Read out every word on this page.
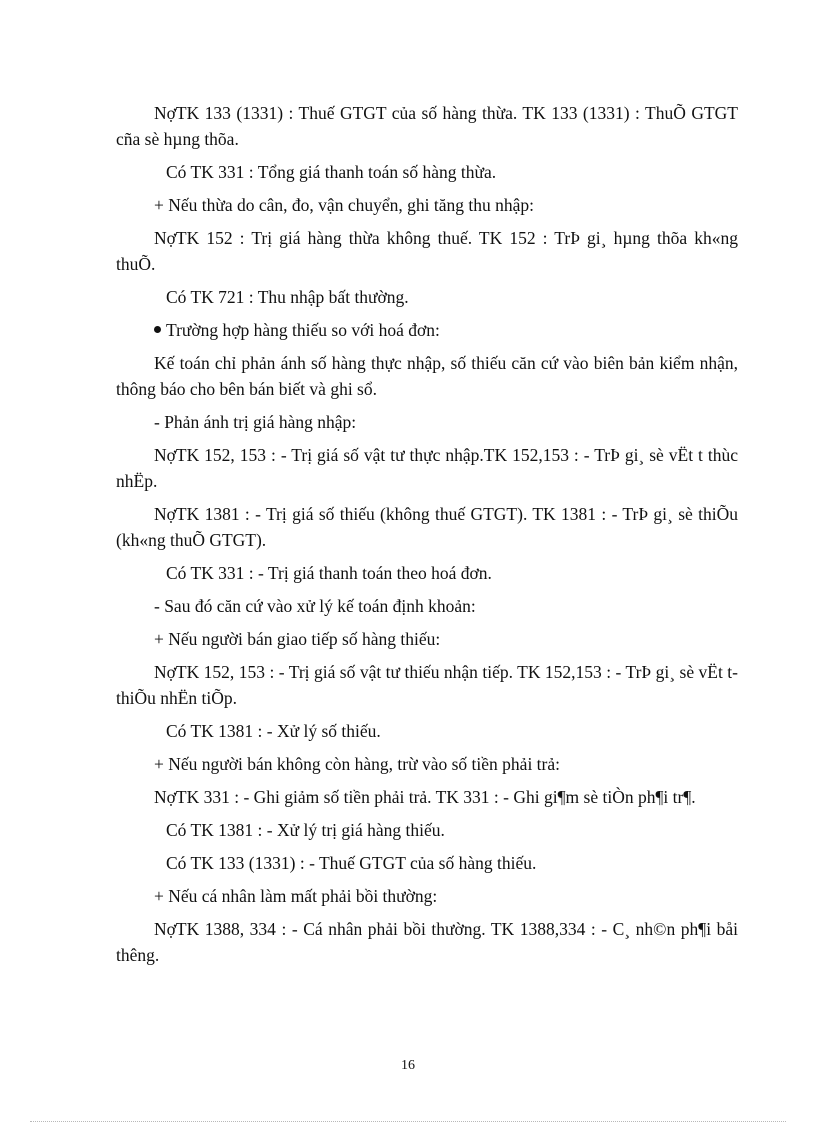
NợTK 133 (1331) : Thuế GTGT của số hàng thừa. TK 133 (1331) : ThuÕ GTGT cña sè hµng thõa.

Có TK 331 : Tổng giá thanh toán số hàng thừa.

+ Nếu thừa do cân, đo, vận chuyển, ghi tăng thu nhập:

NợTK 152 : Trị giá hàng thừa không thuế. TK 152 : TrÞ gi¸ hµng thõa kh«ng thuÕ.

Có TK 721 : Thu nhập bất thường.

Trường hợp hàng thiếu so với hoá đơn:

Kế toán chỉ phản ánh số hàng thực nhập, số thiếu căn cứ vào biên bản kiểm nhận, thông báo cho bên bán biết và ghi sổ.

- Phản ánh trị giá hàng nhập:

NợTK 152, 153 : - Trị giá số vật tư thực nhập.TK 152,153 : - TrÞ gi¸ sè vËt t thùc nhËp.

NợTK 1381 : - Trị giá số thiếu (không thuế GTGT). TK 1381 : - TrÞ gi¸ sè thiÕu (kh«ng thuÕ GTGT).

Có TK 331 : - Trị giá thanh toán theo hoá đơn.

- Sau đó căn cứ vào xử lý kế toán định khoản:

+ Nếu người bán giao tiếp số hàng thiếu:

NợTK 152, 153 : - Trị giá số vật tư thiếu nhận tiếp. TK 152,153 : - TrÞ gi¸ sè vËt t thiÕu nhËn tiÕp.

Có TK 1381 : - Xử lý số thiếu.

+ Nếu người bán không còn hàng, trừ vào số tiền phải trả:

NợTK 331 : - Ghi giảm số tiền phải trả. TK 331 : - Ghi gi¶m sè tiÒn ph¶i tr¶.

Có TK 1381 : - Xử lý trị giá hàng thiếu.

Có TK 133 (1331) : - Thuế GTGT của số hàng thiếu.

+ Nếu cá nhân làm mất phải bồi thường:

NợTK 1388, 334 : - Cá nhân phải bồi thường. TK 1388,334 : - C¸ nh©n ph¶i båi thêng.

16
